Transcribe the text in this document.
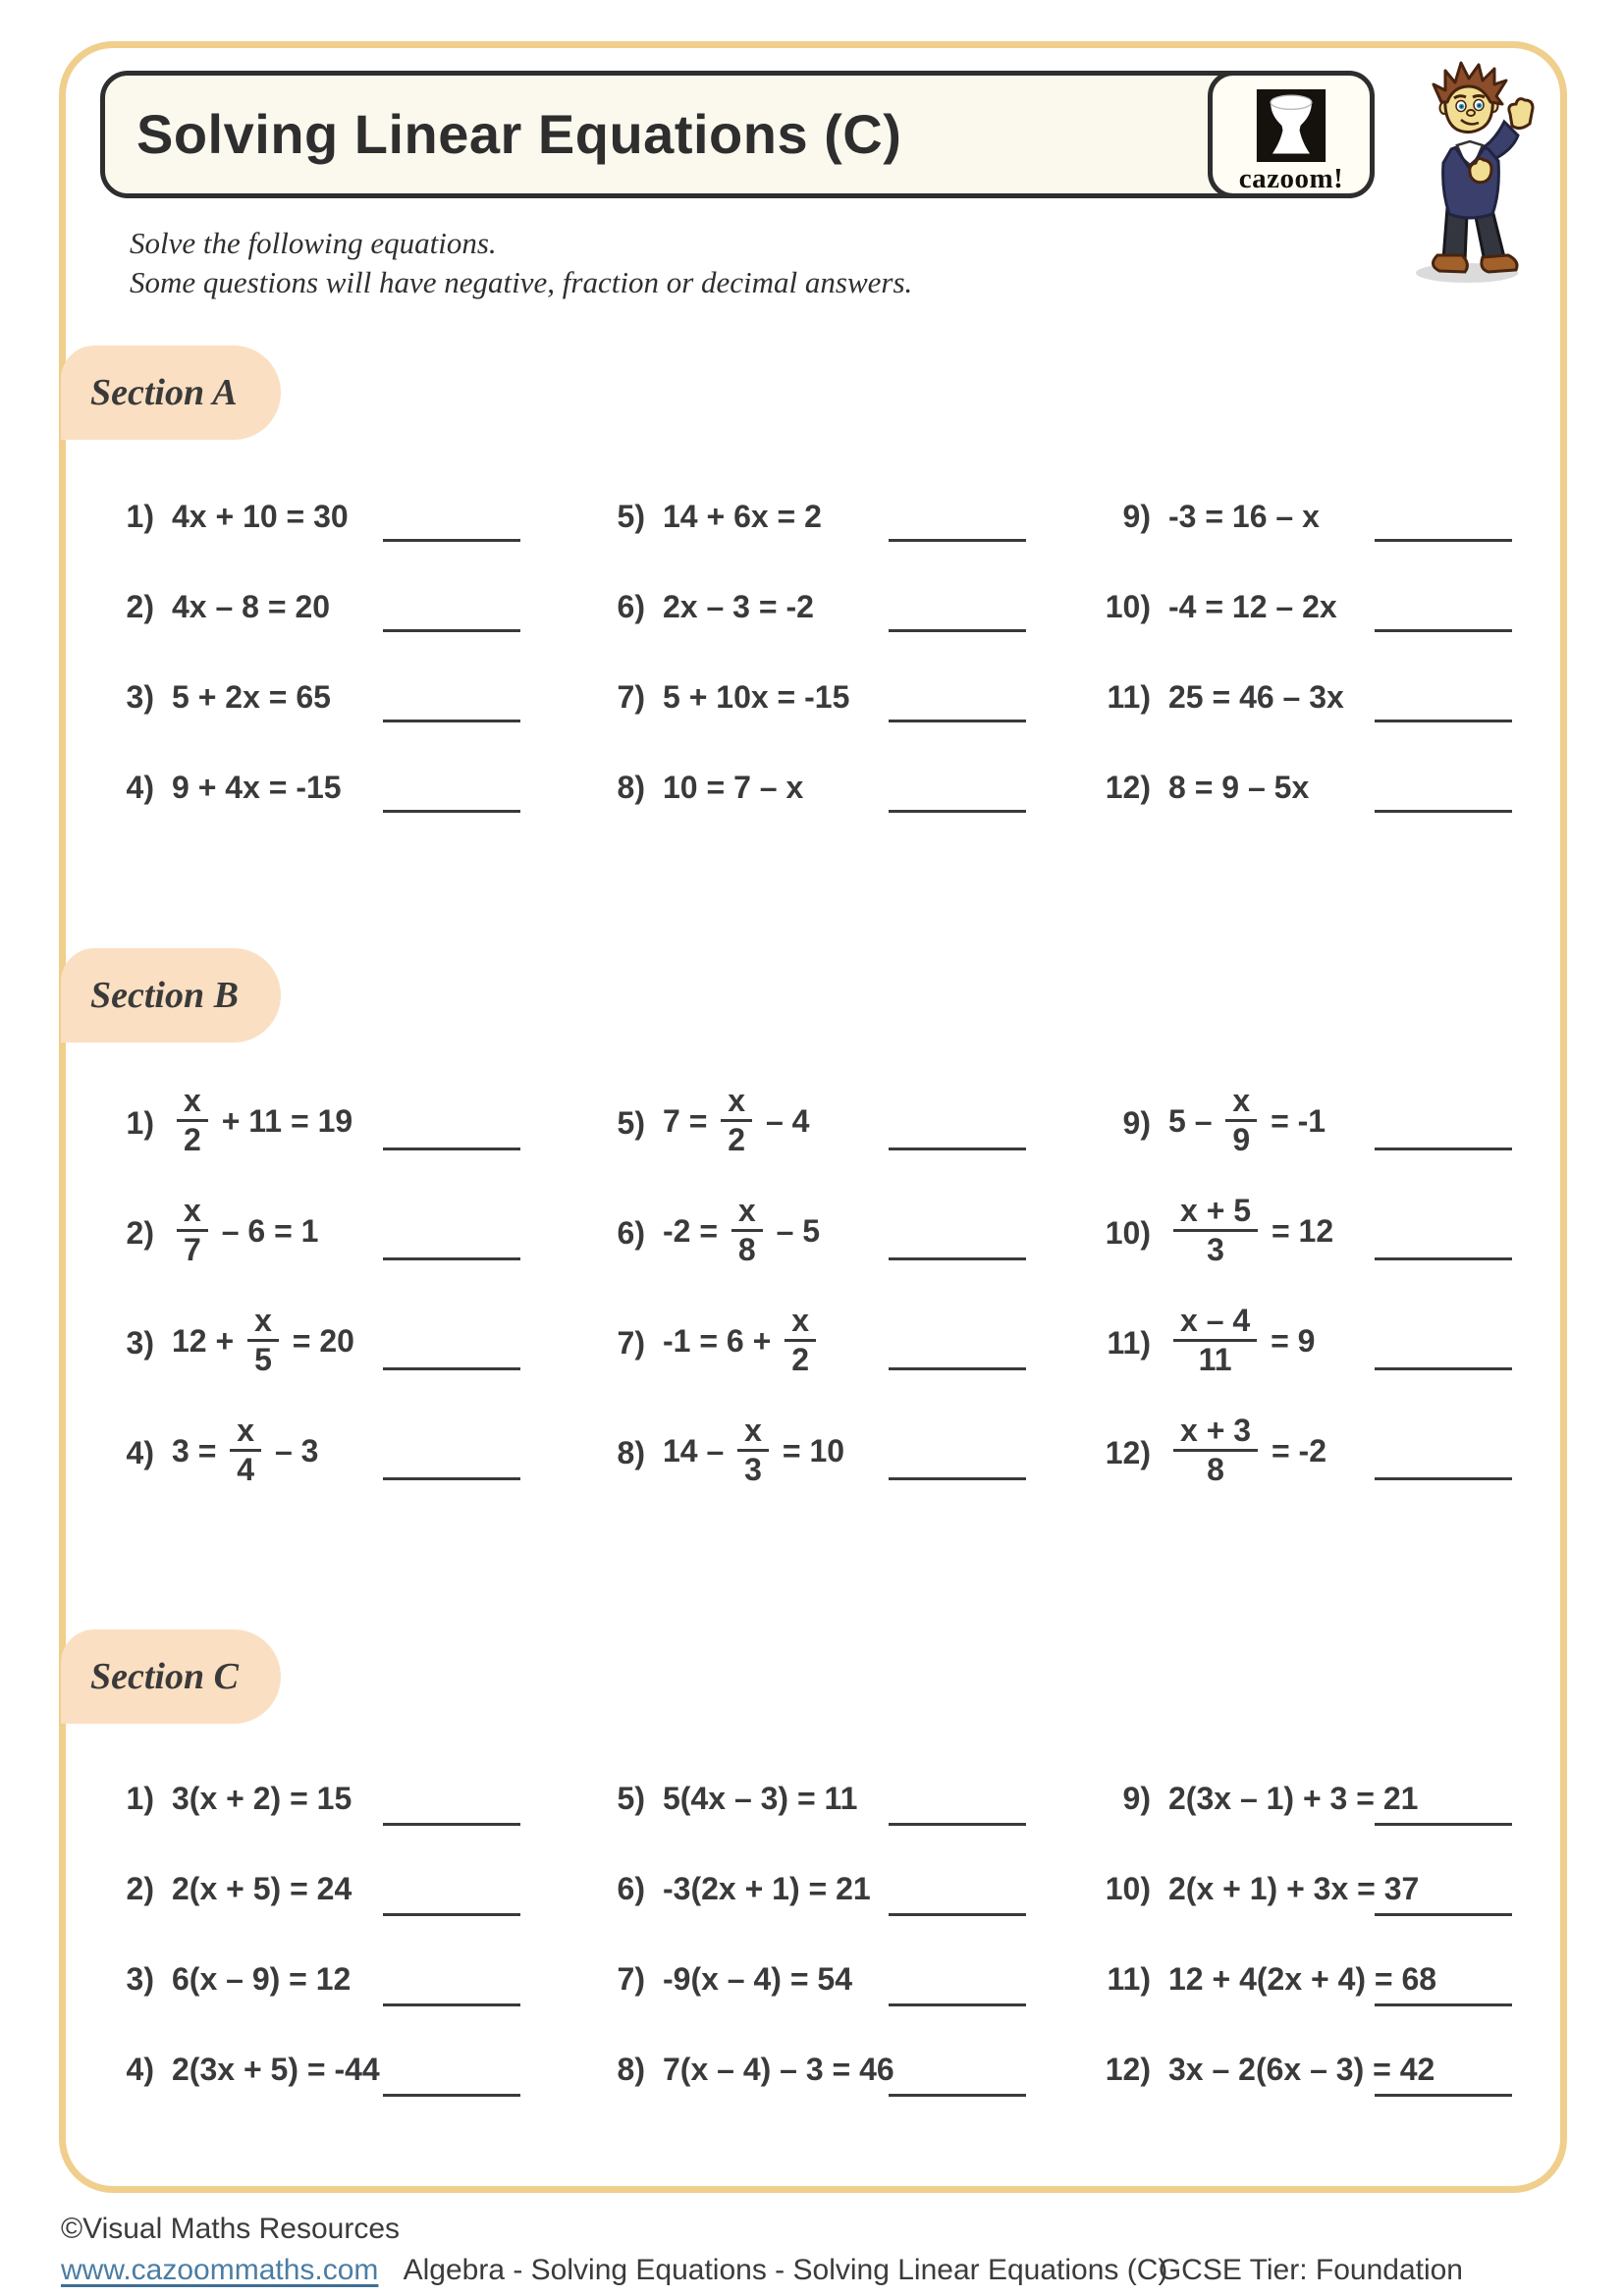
Solving Linear Equations (C)
cazoom!
Solve the following equations.
Some questions will have negative, fraction or decimal answers.
Section A
1) 4x + 10 = 30
2) 4x – 8 = 20
3) 5 + 2x = 65
4) 9 + 4x = -15
5) 14 + 6x = 2
6) 2x – 3 = -2
7) 5 + 10x = -15
8) 10 = 7 – x
9) -3 = 16 – x
10) -4 = 12 – 2x
11) 25 = 46 – 3x
12) 8 = 9 – 5x
Section B
$1) \frac{x}{2} + 11 = 19$
$2) \frac{x}{7} - 6 = 1$
3) $12 + \frac{x}{5} = 20$
4) $3 = \frac{x}{4} - 3$
5) $7 = \frac{x}{2} - 4$
6) $-2 = \frac{x}{8} - 5$
7) $-1 = 6 + \frac{x}{2}$
8) $14 - \frac{x}{3} = 10$
9) $5 - \frac{x}{9} = -1$
$10) \frac{x + 5}{3} = 12$
$11) \frac{x - 4}{11} = 9$
$12) \frac{x + 3}{8} = -2$
Section C
1) 3(x + 2) = 15
2) 2(x + 5) = 24
3) 6(x – 9) = 12
4) 2(3x + 5) = -44
5) 5(4x – 3) = 11
6) -3(2x + 1) = 21
7) -9(x – 4) = 54
8) 7(x – 4) – 3 = 46
9) 2(3x – 1) + 3 = 21
10) 2(x + 1) + 3x = 37
11) 12 + 4(2x + 4) = 68
12) 3x – 2(6x – 3) = 42
©Visual Maths Resources
www.cazoommaths.com Algebra - Solving Equations - Solving Linear Equations (C)
GCSE Tier: Foundation
